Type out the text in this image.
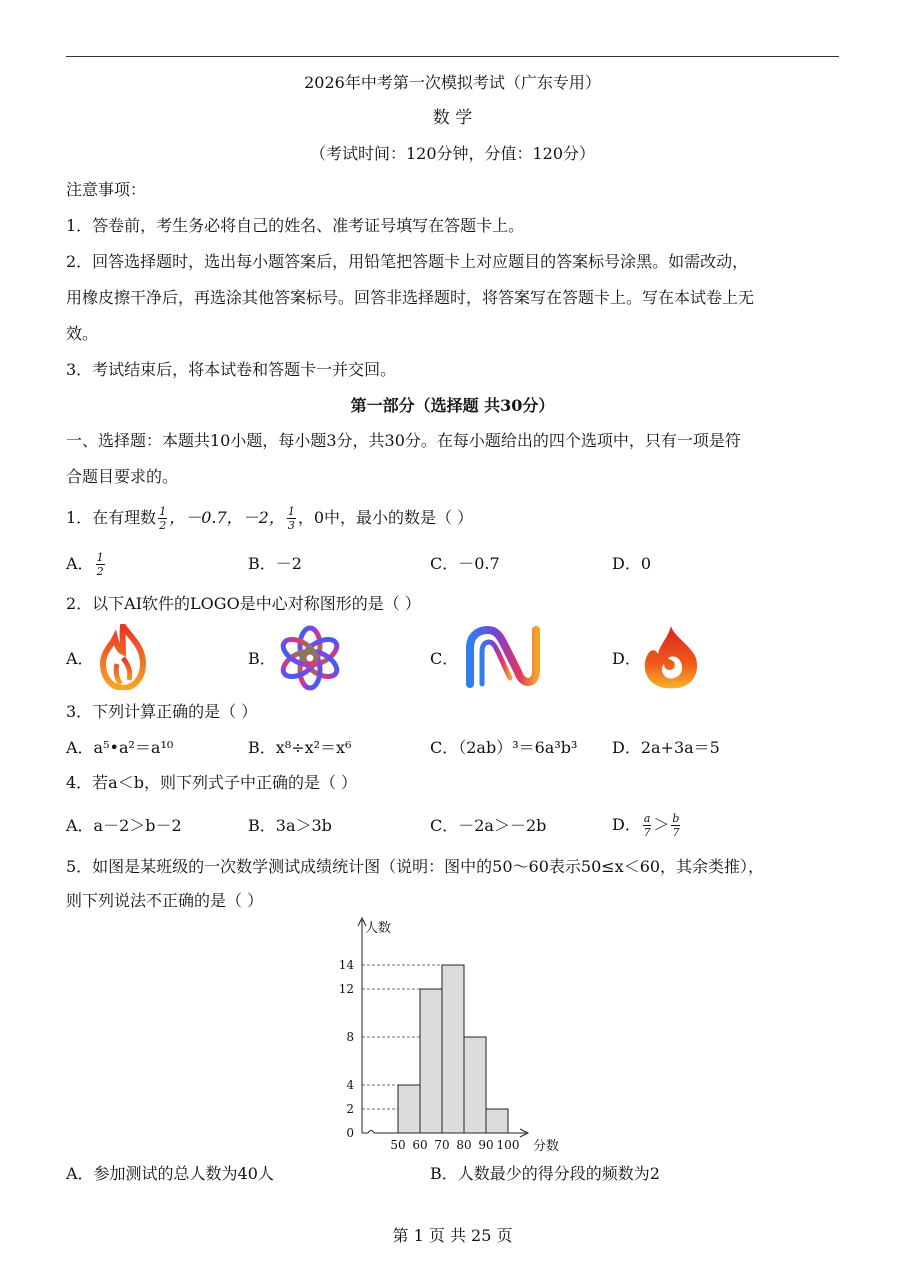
2026年中考第一次模拟考试（广东专用）
数 学
（考试时间：120分钟，分值：120分）
注意事项：
1．答卷前，考生务必将自己的姓名、准考证号填写在答题卡上。
2．回答选择题时，选出每小题答案后，用铅笔把答题卡上对应题目的答案标号涂黑。如需改动，
用橡皮擦干净后，再选涂其他答案标号。回答非选择题时，将答案写在答题卡上。写在本试卷上无
效。
3．考试结束后，将本试卷和答题卡一并交回。
第一部分（选择题 共30分）
一、选择题：本题共10小题，每小题3分，共30分。在每小题给出的四个选项中，只有一项是符
合题目要求的。
1．在有理数 $\frac{1}{2}$ ，－0.7，－2， $\frac{1}{3}$ ，0中，最小的数是（ ）
A． $\frac{1}{2}$	B．－2	C．－0.7	D．0
2．以下AI软件的LOGO是中心对称图形的是（ ）
A．	B．	C．	D．
3．下列计算正确的是（ ）
A．a⁵•a²＝a¹⁰	B．x⁸÷x²＝x⁶	C．（2ab）³＝6a³b³ D．2a+3a＝5
4．若a＜b，则下列式子中正确的是（ ）
A．a－2＞b－2	B．3a＞3b	C．－2a＞－2b	D． $\frac{a}{7} > \frac{b}{7}$
5．如图是某班级的一次数学测试成绩统计图（说明：图中的50～60表示50≤x＜60，其余类推），
则下列说法不正确的是（ ）
0
2
4
8
12
14
50 60 70 80 90 100
人数
分数
A．参加测试的总人数为40人	B．人数最少的得分段的频数为2
第 1 页 共 25 页
